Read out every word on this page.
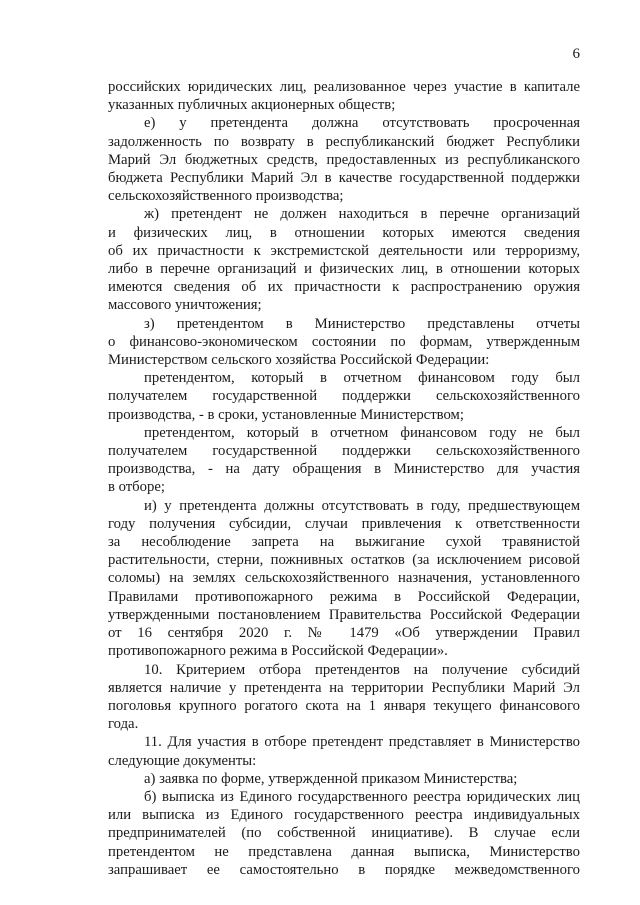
6
российских юридических лиц, реализованное через участие в капитале
указанных публичных акционерных обществ;
е) у претендента должна отсутствовать просроченная
задолженность по возврату в республиканский бюджет Республики
Марий Эл бюджетных средств, предоставленных из республиканского
бюджета Республики Марий Эл в качестве государственной поддержки
сельскохозяйственного производства;
ж) претендент не должен находиться в перечне организаций
и физических лиц, в отношении которых имеются сведения
об их причастности к экстремистской деятельности или терроризму,
либо в перечне организаций и физических лиц, в отношении которых
имеются сведения об их причастности к распространению оружия
массового уничтожения;
з) претендентом в Министерство представлены отчеты
о финансово-экономическом состоянии по формам, утвержденным
Министерством сельского хозяйства Российской Федерации:
претендентом, который в отчетном финансовом году был
получателем государственной поддержки сельскохозяйственного
производства, - в сроки, установленные Министерством;
претендентом, который в отчетном финансовом году не был
получателем государственной поддержки сельскохозяйственного
производства, - на дату обращения в Министерство для участия
в отборе;
и) у претендента должны отсутствовать в году, предшествующем
году получения субсидии, случаи привлечения к ответственности
за несоблюдение запрета на выжигание сухой травянистой
растительности, стерни, пожнивных остатков (за исключением рисовой
соломы) на землях сельскохозяйственного назначения, установленного
Правилами противопожарного режима в Российской Федерации,
утвержденными постановлением Правительства Российской Федерации
от 16 сентября 2020 г. № 1479 «Об утверждении Правил
противопожарного режима в Российской Федерации».
10. Критерием отбора претендентов на получение субсидий
является наличие у претендента на территории Республики Марий Эл
поголовья крупного рогатого скота на 1 января текущего финансового
года.
11. Для участия в отборе претендент представляет в Министерство
следующие документы:
а) заявка по форме, утвержденной приказом Министерства;
б) выписка из Единого государственного реестра юридических лиц
или выписка из Единого государственного реестра индивидуальных
предпринимателей (по собственной инициативе). В случае если
претендентом не представлена данная выписка, Министерство
запрашивает ее самостоятельно в порядке межведомственного
